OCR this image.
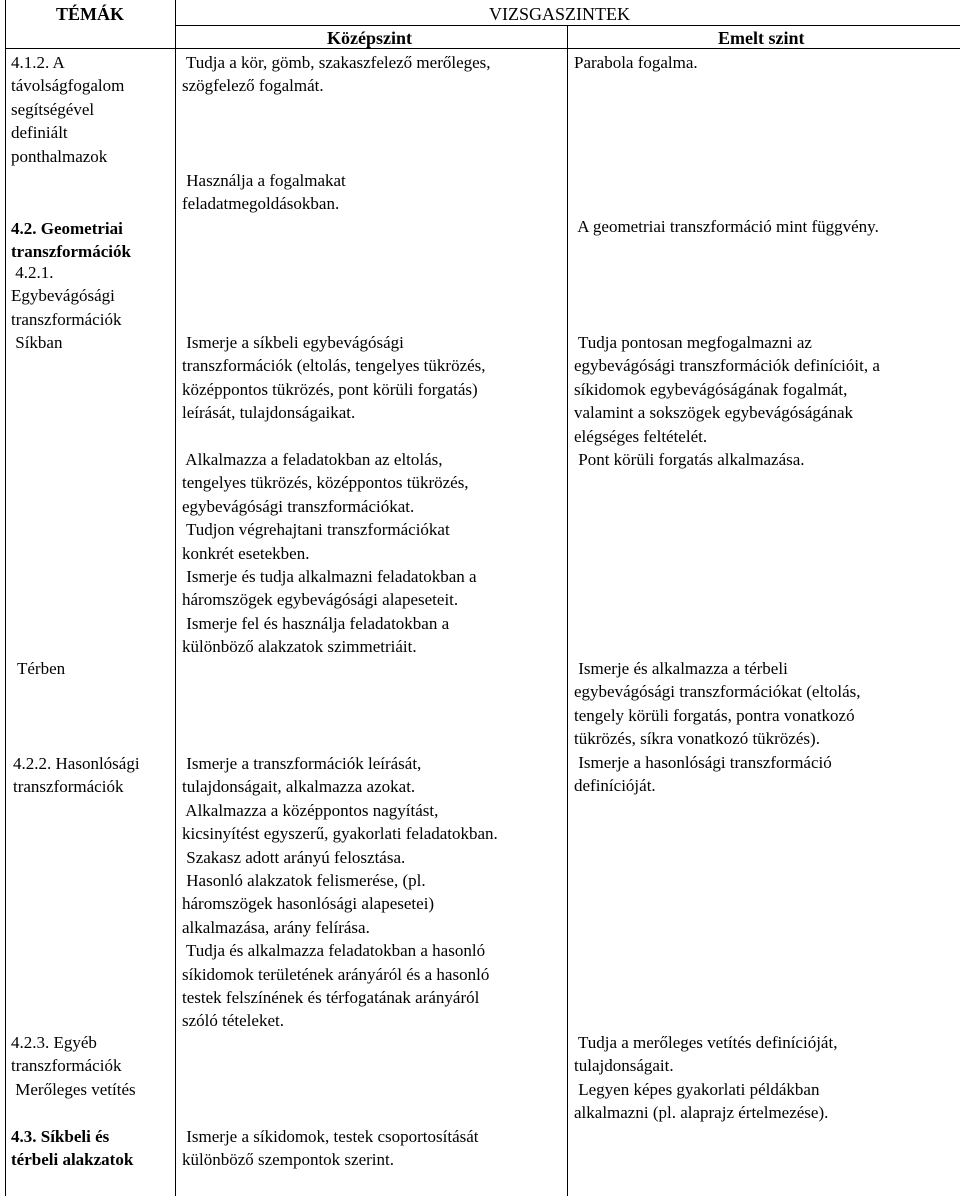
TÉMÁK	VIZSGASZINTEK
Középszint	Emelt szint
4.1.2. A
távolságfogalom
segítségével
definiált
ponthalmazok
4.2. Geometriai
transzformációk
4.2.1.
Egybevágósági
transzformációk
Síkban
Térben
4.2.2. Hasonlósági
transzformációk
4.2.3. Egyéb
transzformációk
Merőleges vetítés
4.3. Síkbeli és
térbeli alakzatok
Tudja a kör, gömb, szakaszfelező merőleges,
szögfelező fogalmát.
Használja a fogalmakat
feladatmegoldásokban.
Ismerje a síkbeli egybevágósági
transzformációk (eltolás, tengelyes tükrözés,
középpontos tükrözés, pont körüli forgatás)
leírását, tulajdonságaikat.
Alkalmazza a feladatokban az eltolás,
tengelyes tükrözés, középpontos tükrözés,
egybevágósági transzformációkat.
Tudjon végrehajtani transzformációkat
konkrét esetekben.
Ismerje és tudja alkalmazni feladatokban a
háromszögek egybevágósági alapeseteit.
Ismerje fel és használja feladatokban a
különböző alakzatok szimmetriáit.
Ismerje a transzformációk leírását,
tulajdonságait, alkalmazza azokat.
Alkalmazza a középpontos nagyítást,
kicsinyítést egyszerű, gyakorlati feladatokban.
Szakasz adott arányú felosztása.
Hasonló alakzatok felismerése, (pl.
háromszögek hasonlósági alapesetei)
alkalmazása, arány felírása.
Tudja és alkalmazza feladatokban a hasonló
síkidomok területének arányáról és a hasonló
testek felszínének és térfogatának arányáról
szóló tételeket.
Ismerje a síkidomok, testek csoportosítását
különböző szempontok szerint.
Parabola fogalma.
A geometriai transzformáció mint függvény.
Tudja pontosan megfogalmazni az
egybevágósági transzformációk definícióit, a
síkidomok egybevágóságának fogalmát,
valamint a sokszögek egybevágóságának
elégséges feltételét.
Pont körüli forgatás alkalmazása.
Ismerje és alkalmazza a térbeli
egybevágósági transzformációkat (eltolás,
tengely körüli forgatás, pontra vonatkozó
tükrözés, síkra vonatkozó tükrözés).
Ismerje a hasonlósági transzformáció
definícióját.
Tudja a merőleges vetítés definícióját,
tulajdonságait.
Legyen képes gyakorlati példákban
alkalmazni (pl. alaprajz értelmezése).
